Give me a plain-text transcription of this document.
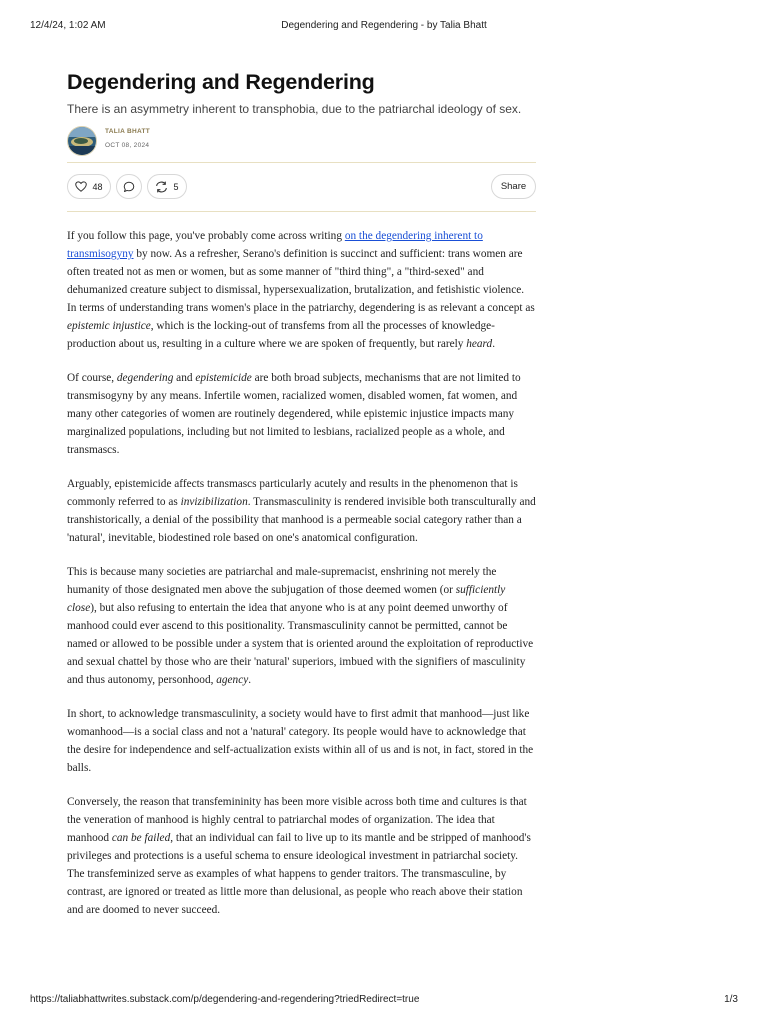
12/4/24, 1:02 AM	Degendering and Regendering - by Talia Bhatt
Degendering and Regendering
There is an asymmetry inherent to transphobia, due to the patriarchal ideology of sex.
TALIA BHATT
OCT 08, 2024
48	5	Share

If you follow this page, you've probably come across writing on the degendering inherent to transmisogyny by now. As a refresher, Serano's definition is succinct and sufficient: trans women are often treated not as men or women, but as some manner of "third thing", a "third-sexed" and dehumanized creature subject to dismissal, hypersexualization, brutalization, and fetishistic violence. In terms of understanding trans women's place in the patriarchy, degendering is as relevant a concept as epistemic injustice, which is the locking-out of transfems from all the processes of knowledge-production about us, resulting in a culture where we are spoken of frequently, but rarely heard.

Of course, degendering and epistemicide are both broad subjects, mechanisms that are not limited to transmisogyny by any means. Infertile women, racialized women, disabled women, fat women, and many other categories of women are routinely degendered, while epistemic injustice impacts many marginalized populations, including but not limited to lesbians, racialized people as a whole, and transmascs.

Arguably, epistemicide affects transmascs particularly acutely and results in the phenomenon that is commonly referred to as invizibilization. Transmasculinity is rendered invisible both transculturally and transhistorically, a denial of the possibility that manhood is a permeable social category rather than a 'natural', inevitable, biodestined role based on one's anatomical configuration.

This is because many societies are patriarchal and male-supremacist, enshrining not merely the humanity of those designated men above the subjugation of those deemed women (or sufficiently close), but also refusing to entertain the idea that anyone who is at any point deemed unworthy of manhood could ever ascend to this positionality. Transmasculinity cannot be permitted, cannot be named or allowed to be possible under a system that is oriented around the exploitation of reproductive and sexual chattel by those who are their 'natural' superiors, imbued with the signifiers of masculinity and thus autonomy, personhood, agency.

In short, to acknowledge transmasculinity, a society would have to first admit that manhood—just like womanhood—is a social class and not a 'natural' category. Its people would have to acknowledge that the desire for independence and self-actualization exists within all of us and is not, in fact, stored in the balls.

Conversely, the reason that transfemininity has been more visible across both time and cultures is that the veneration of manhood is highly central to patriarchal modes of organization. The idea that manhood can be failed, that an individual can fail to live up to its mantle and be stripped of manhood's privileges and protections is a useful schema to ensure ideological investment in patriarchal society. The transfeminized serve as examples of what happens to gender traitors. The transmasculine, by contrast, are ignored or treated as little more than delusional, as people who reach above their station and are doomed to never succeed.

https://taliabhattwrites.substack.com/p/degendering-and-regendering?triedRedirect=true	1/3
